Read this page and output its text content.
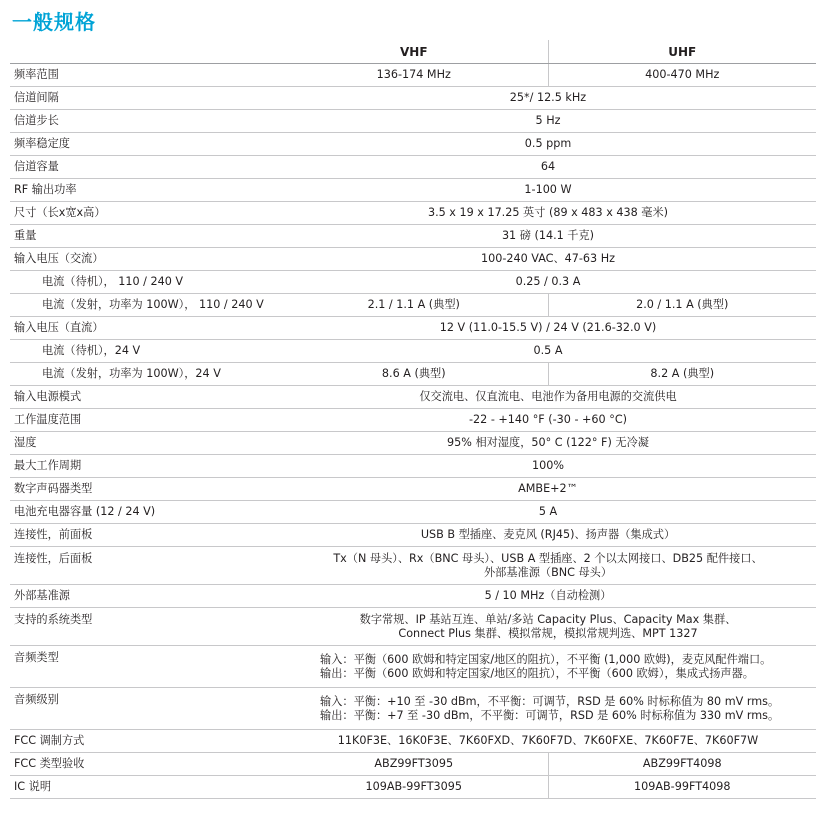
一般规格
	VHF	UHF
频率范围	136-174 MHz	400-470 MHz
信道间隔	25*/ 12.5 kHz	
信道步长	5 Hz	
频率稳定度	0.5 ppm	
信道容量	64	
RF 输出功率	1-100 W	
尺寸（长x宽x高）	3.5 x 19 x 17.25 英寸 (89 x 483 x 438 毫米)	
重量	31 磅 (14.1 千克)	
输入电压（交流）	100-240 VAC、47-63 Hz	
电流（待机）， 110 / 240 V	0.25 / 0.3 A	
电流（发射，功率为 100W）， 110 / 240 V	2.1 / 1.1 A (典型)	2.0 / 1.1 A (典型)
输入电压（直流）	12 V (11.0-15.5 V) / 24 V (21.6-32.0 V)	
电流（待机），24 V	0.5 A	
电流（发射，功率为 100W），24 V	8.6 A (典型)	8.2 A (典型)
输入电源模式	仅交流电、仅直流电、电池作为备用电源的交流供电	
工作温度范围	-22 - +140 °F (-30 - +60 °C)	
湿度	95% 相对湿度，50° C (122° F) 无冷凝	
最大工作周期	100%	
数字声码器类型	AMBE+2™	
电池充电器容量 (12 / 24 V)	5 A	
连接性，前面板	USB B 型插座、麦克风 (RJ45)、扬声器（集成式）	
连接性，后面板	Tx（N 母头）、Rx（BNC 母头）、USB A 型插座、2 个以太网接口、DB25 配件接口、
外部基准源（BNC 母头）	

外部基准源	5 / 10 MHz（自动检测）	
支持的系统类型	数字常规、IP 基站互连、单站/多站 Capacity Plus、Capacity Max 集群、
Connect Plus 集群、模拟常规，模拟常规判选、MPT 1327	

音频类型	输入：平衡（600 欧姆和特定国家/地区的阻抗），不平衡 (1,000 欧姆)，麦克风配件端口。
输出：平衡（600 欧姆和特定国家/地区的阻抗），不平衡（600 欧姆），集成式扬声器。	

音频级别	输入：平衡：+10 至 -30 dBm，不平衡：可调节，RSD 是 60% 时标称值为 80 mV rms。
输出：平衡：+7 至 -30 dBm，不平衡：可调节，RSD 是 60% 时标称值为 330 mV rms。	

FCC 调制方式	11K0F3E、16K0F3E、7K60FXD、7K60F7D、7K60FXE、7K60F7E、7K60F7W	
FCC 类型验收	ABZ99FT3095	ABZ99FT4098
IC 说明	109AB-99FT3095	109AB-99FT4098
